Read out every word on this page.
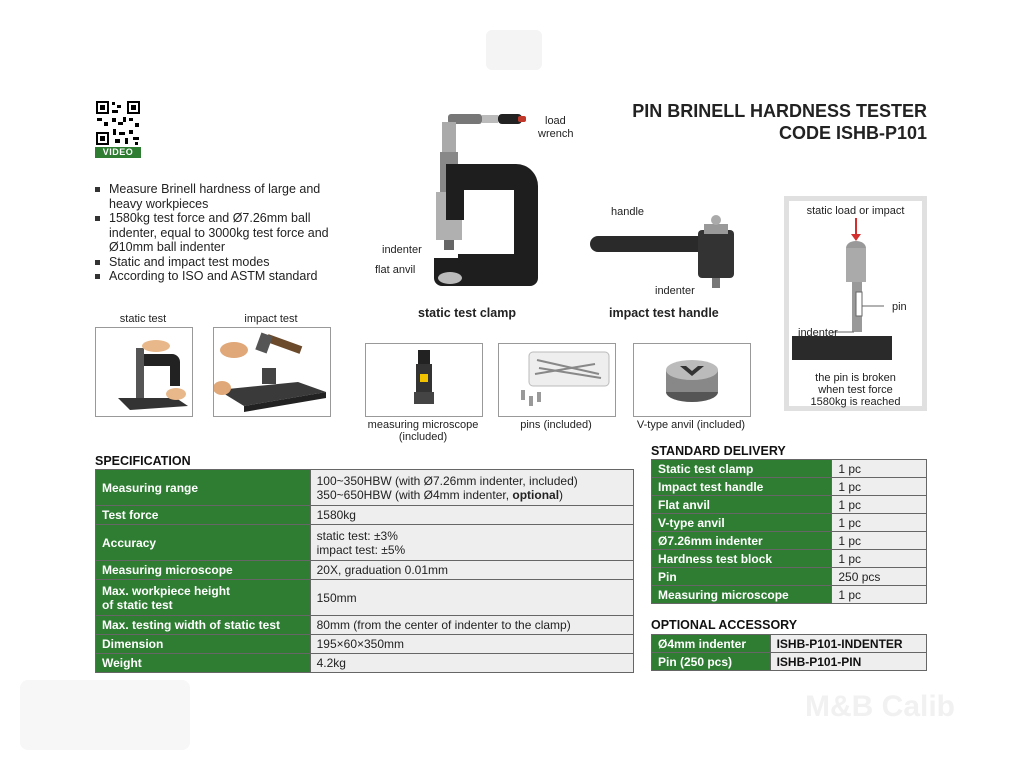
M&B Calib
VIDEO
PIN BRINELL HARDNESS TESTER
CODE ISHB-P101
Measure Brinell hardness of large and heavy workpieces
1580kg test force and Ø7.26mm ball indenter, equal to 3000kg test force and Ø10mm ball indenter
Static and impact test modes
According to ISO and ASTM standard
static test	impact test
load
wrench
indenter
flat anvil
static test clamp
handle
indenter
impact test handle
static load or impact
pin
indenter
the pin is broken
when test force
1580kg is reached
measuring microscope
(included)
pins (included)	V-type anvil (included)
SPECIFICATION
Measuring range	100~350HBW (with Ø7.26mm indenter, included)
350~650HBW (with Ø4mm indenter, optional)

Test force	1580kg
Accuracy	static test: ±3%
impact test: ±5%

Measuring microscope	20X, graduation 0.01mm

Max. workpiece height
of static test	150mm
Max. testing width of static test	80mm (from the center of indenter to the clamp)
Dimension	195×60×350mm
Weight	4.2kg
STANDARD DELIVERY
Static test clamp	1 pc
Impact test handle	1 pc
Flat anvil	1 pc
V-type anvil	1 pc
Ø7.26mm indenter	1 pc
Hardness test block	1 pc
Pin	250 pcs
Measuring microscope	1 pc
OPTIONAL ACCESSORY
Ø4mm indenter	ISHB-P101-INDENTER
Pin (250 pcs)	ISHB-P101-PIN
